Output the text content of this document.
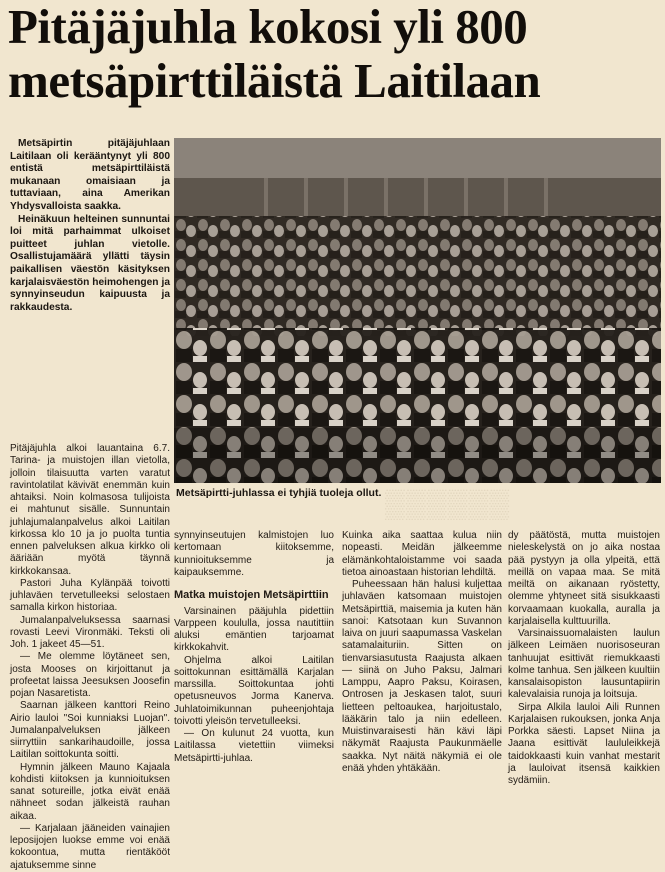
Pitäjäjuhla kokosi yli 800
metsäpirttiläistä Laitilaan

Metsäpirtin pitäjäjuhlaan Laitilaan oli kerääntynyt yli 800 entistä metsäpirttiläistä mukanaan omaisiaan ja tuttaviaan, aina Amerikan Yhdysvalloista saakka.

Heinäkuun helteinen sunnuntai loi mitä parhaimmat ulkoiset puitteet juhlan vietolle. Osallistujamäärä yllätti täysin paikallisen väestön käsityksen karjalaisväestön heimohengen ja synnyinseudun kaipuusta ja rakkaudesta.

▒▒▒▒▒▒

Metsäpirtti-juhlassa ei tyhjiä tuoleja ollut.

Pitäjäjuhla alkoi lauantaina 6.7. Tarina- ja muistojen illan vietolla, jolloin tilaisuutta varten varatut ravintolatilat kävivät enemmän kuin ahtaiksi. Noin kolmasosa tulijoista ei mahtunut sisälle. Sunnuntain juhlajumalanpalvelus alkoi Laitilan kirkossa klo 10 ja jo puolta tuntia ennen palveluksen alkua kirkko oli ääriään myötä täynnä kirkkokansaa.

Pastori Juha Kylänpää toivotti juhlaväen tervetulleeksi selostaen samalla kirkon historiaa.

Jumalanpalveluksessa saarnasi rovasti Leevi Vironmäki. Teksti oli Joh. 1 jakeet 45—51.

— Me olemme löytäneet sen, josta Mooses on kirjoittanut ja profeetat laissa Jeesuksen Joosefin pojan Nasaretista.

Saarnan jälkeen kanttori Reino Airio lauloi "Soi kunniaksi Luojan". Jumalanpalveluksen jälkeen siirryttiin sankarihaudoille, jossa Laitilan soittokunta soitti.

Hymnin jälkeen Mauno Kajaala kohdisti kiitoksen ja kunnioituksen sanat sotureille, jotka eivät enää nähneet sodan jälkeistä rauhan aikaa.

— Karjalaan jääneiden vainajien leposijojen luokse emme voi enää kokoontua, mutta rientäkööt ajatuksemme sinne

synnyinseutujen kalmistojen luo kertomaan kiitoksemme, kunnioituksemme ja kaipauksemme.

Matka muistojen Metsäpirttiin

Varsinainen pääjuhla pidettiin Varppeen koululla, jossa nautittiin aluksi emäntien tarjoamat kirkkokahvit.

Ohjelma alkoi Laitilan soittokunnan esittämällä Karjalan marssilla. Soittokuntaa johti opetusneuvos Jorma Kanerva. Juhlatoimikunnan puheenjohtaja toivotti yleisön tervetulleeksi.

— On kulunut 24 vuotta, kun Laitilassa vietettiin viimeksi Metsäpirtti-juhlaa.

Kuinka aika saattaa kulua niin nopeasti. Meidän jälkeemme elämänkohtaloistamme voi saada tietoa ainoastaan historian lehdiltä.

Puheessaan hän halusi kuljettaa juhlaväen katsomaan muistojen Metsäpirttiä, maisemia ja kuten hän sanoi: Katsotaan kun Suvannon laiva on juuri saapumassa Vaskelan satamalaituriin. Sitten on tienvarsiasutusta Raajusta alkaen — siinä on Juho Paksu, Jalmari Lamppu, Aapro Paksu, Koirasen, Ontrosen ja Jeskasen talot, suuri lietteen peltoaukea, harjoitustalo, lääkärin talo ja niin edelleen. Muistinvaraisesti hän kävi läpi näkymät Raajusta Paukunmäelle saakka. Nyt näitä näkymiä ei ole enää yhden yhtäkään.

dy päätöstä, mutta muistojen nieleskelystä on jo aika nostaa pää pystyyn ja olla ylpeitä, että meillä on vapaa maa. Se mitä meiltä on aikanaan ryöstetty, olemme yhtyneet sitä sisukkaasti korvaamaan kuokalla, auralla ja karjalaisella kulttuurilla.

Varsinaissuomalaisten laulun jälkeen Leimäen nuorisoseuran tanhuujat esittivät riemukkaasti kolme tanhua. Sen jälkeen kuultiin kansalaisopiston lausuntapiirin kalevalaisia runoja ja loitsuja.

Sirpa Alkila lauloi Aili Runnen Karjalaisen rukouksen, jonka Anja Porkka säesti. Lapset Niina ja Jaana esittivät laululeikkejä taidokkaasti kuin vanhat mestarit ja lauloivat itsensä kaikkien sydämiin.
